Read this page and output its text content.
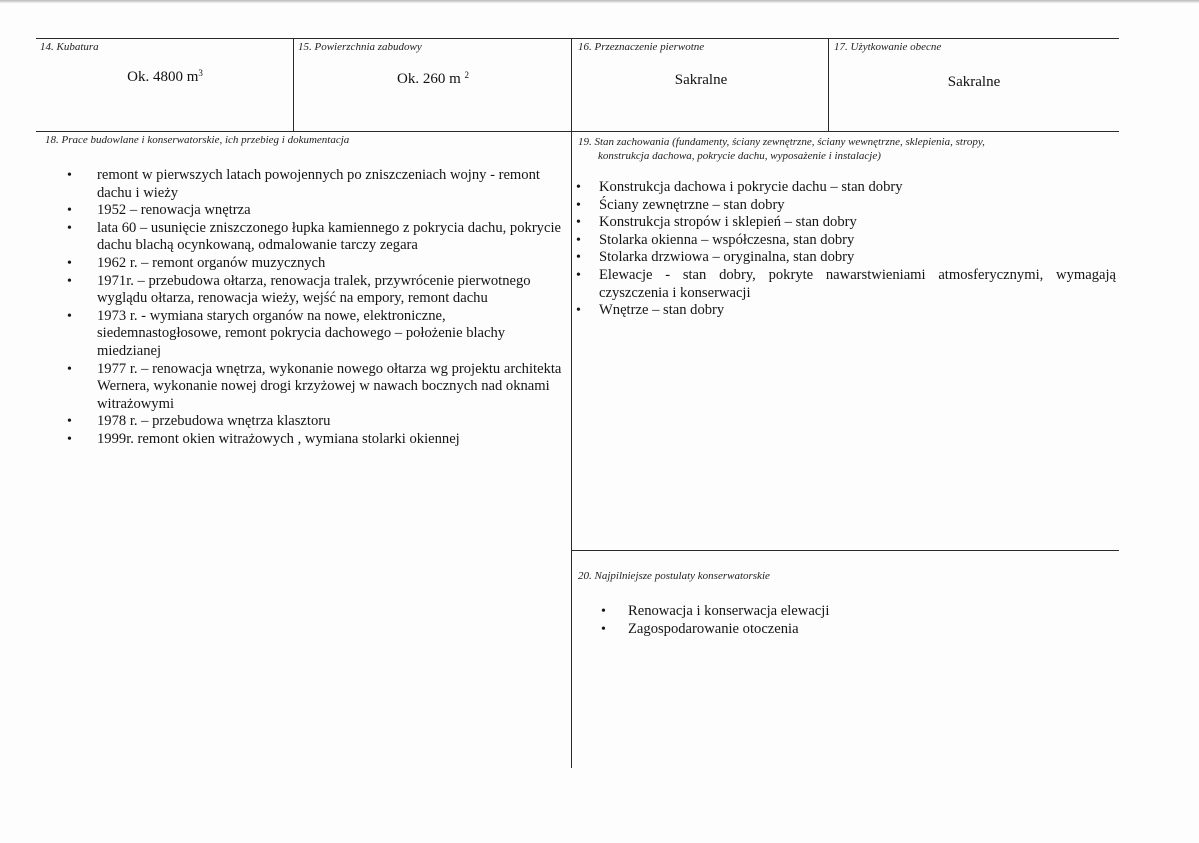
14. Kubatura
Ok. 4800 $m^3$
15. Powierzchnia zabudowy
Ok. 260 m $^2$
16. Przeznaczenie pierwotne
Sakralne
17. Użytkowanie obecne
Sakralne
18. Prace budowlane i konserwatorskie, ich przebieg i dokumentacja
• remont w pierwszych latach powojennych po zniszczeniach wojny - remont dachu i wieży
• 1952 – renowacja wnętrza
• lata 60 – usunięcie zniszczonego łupka kamiennego z pokrycia dachu, pokrycie dachu blachą ocynkowaną, odmalowanie tarczy zegara
• 1962 r. – remont organów muzycznych
• 1971r. – przebudowa ołtarza, renowacja tralek, przywrócenie pierwotnego wyglądu ołtarza, renowacja wieży, wejść na empory, remont dachu
• 1973 r. - wymiana starych organów na nowe, elektroniczne, siedemnastogłosowe, remont pokrycia dachowego – położenie blachy miedzianej
• 1977 r. – renowacja wnętrza, wykonanie nowego ołtarza wg projektu architekta Wernera, wykonanie nowej drogi krzyżowej w nawach bocznych nad oknami witrażowymi
• 1978 r. – przebudowa wnętrza klasztoru
• 1999r. remont okien witrażowych , wymiana stolarki okiennej
19. Stan zachowania (fundamenty, ściany zewnętrzne, ściany wewnętrzne, sklepienia, stropy,
konstrukcja dachowa, pokrycie dachu, wyposażenie i instalacje)
• Konstrukcja dachowa i pokrycie dachu – stan dobry
• Ściany zewnętrzne – stan dobry
• Konstrukcja stropów i sklepień – stan dobry
• Stolarka okienna – współczesna, stan dobry
• Stolarka drzwiowa – oryginalna, stan dobry
• Elewacje - stan dobry, pokryte nawarstwieniami atmosferycznymi, wymagają czyszczenia i konserwacji
• Wnętrze – stan dobry
20. Najpilniejsze postulaty konserwatorskie
• Renowacja i konserwacja elewacji
• Zagospodarowanie otoczenia
